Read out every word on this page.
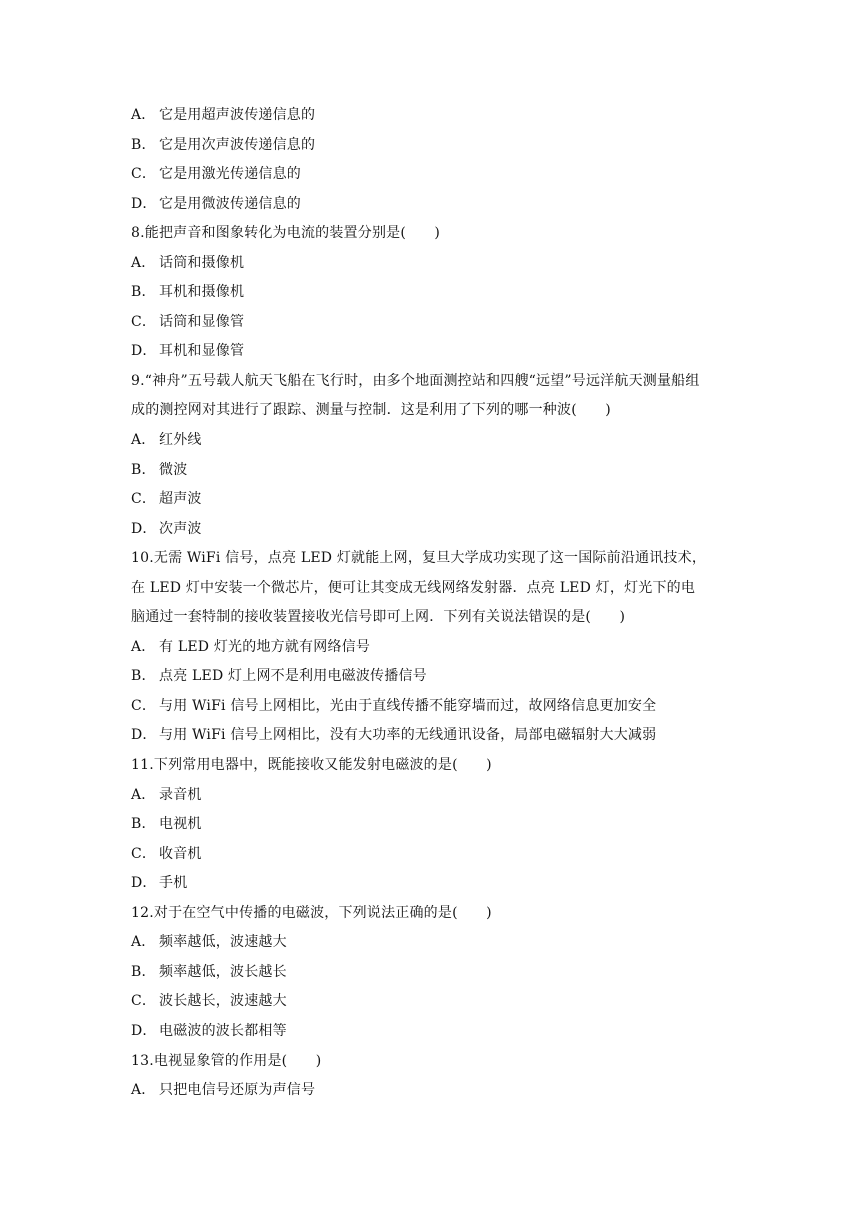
A． 它是用超声波传递信息的
B． 它是用次声波传递信息的
C． 它是用激光传递信息的
D． 它是用微波传递信息的
8.能把声音和图象转化为电流的装置分别是(　　)
A． 话筒和摄像机
B． 耳机和摄像机
C． 话筒和显像管
D． 耳机和显像管
9.“神舟”五号载人航天飞船在飞行时，由多个地面测控站和四艘“远望”号远洋航天测量船组
成的测控网对其进行了跟踪、测量与控制．这是利用了下列的哪一种波(　　)
A． 红外线
B． 微波
C． 超声波
D． 次声波
10.无需 WiFi 信号，点亮 LED 灯就能上网，复旦大学成功实现了这一国际前沿通讯技术，
在 LED 灯中安装一个微芯片，便可让其变成无线网络发射器．点亮 LED 灯，灯光下的电
脑通过一套特制的接收装置接收光信号即可上网．下列有关说法错误的是(　　)
A． 有 LED 灯光的地方就有网络信号
B． 点亮 LED 灯上网不是利用电磁波传播信号
C． 与用 WiFi 信号上网相比，光由于直线传播不能穿墙而过，故网络信息更加安全
D． 与用 WiFi 信号上网相比，没有大功率的无线通讯设备，局部电磁辐射大大减弱
11.下列常用电器中，既能接收又能发射电磁波的是(　　)
A． 录音机
B． 电视机
C． 收音机
D． 手机
12.对于在空气中传播的电磁波，下列说法正确的是(　　)
A． 频率越低，波速越大
B． 频率越低，波长越长
C． 波长越长，波速越大
D． 电磁波的波长都相等
13.电视显象管的作用是(　　)
A． 只把电信号还原为声信号
